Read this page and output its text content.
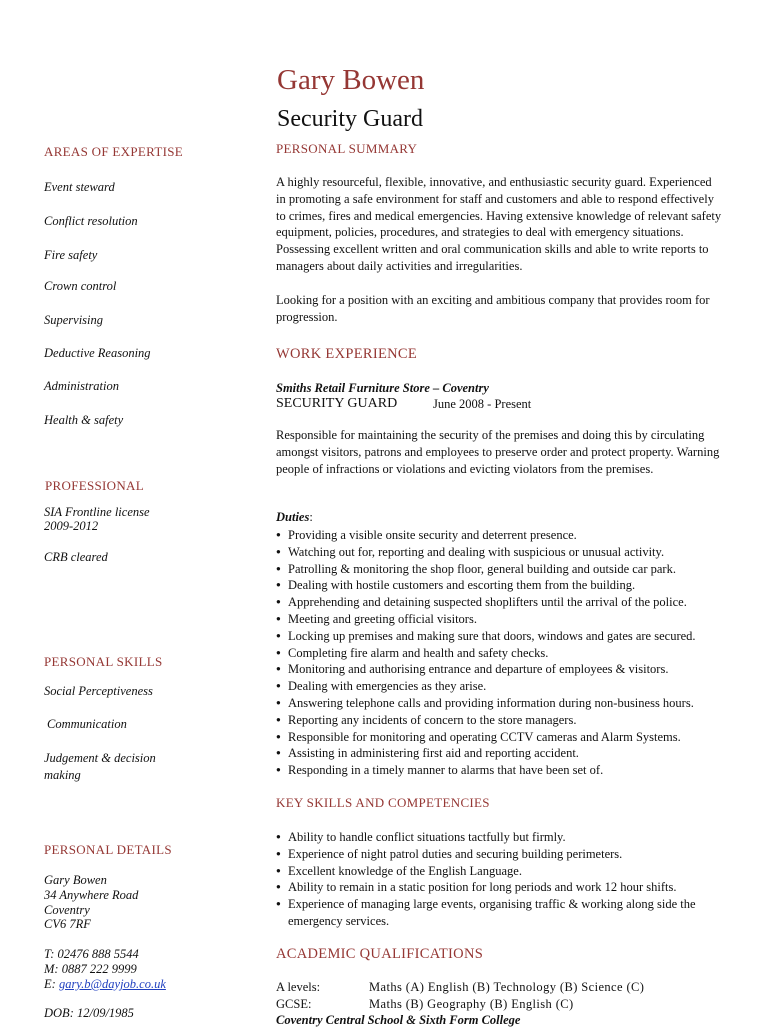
Gary Bowen
Security Guard
AREAS OF EXPERTISE
Event steward
Conflict resolution
Fire safety
Crown control
Supervising
Deductive Reasoning
Administration
Health & safety
PROFESSIONAL
SIA Frontline license
2009-2012
CRB cleared
PERSONAL SKILLS
Social Perceptiveness
Communication
Judgement & decision
making
PERSONAL DETAILS
Gary Bowen
34 Anywhere Road
Coventry
CV6 7RF
T: 02476 888 5544
M: 0887 222 9999
E: gary.b@dayjob.co.uk
DOB: 12/09/1985
PERSONAL SUMMARY
A highly resourceful, flexible, innovative, and enthusiastic security guard. Experienced in promoting a safe environment for staff and customers and able to respond effectively to crimes, fires and medical emergencies. Having extensive knowledge of relevant safety equipment, policies, procedures, and strategies to deal with emergency situations. Possessing excellent written and oral communication skills and able to write reports to managers about daily activities and irregularities.
Looking for a position with an exciting and ambitious company that provides room for progression.
WORK EXPERIENCE
Smiths Retail Furniture Store – Coventry
SECURITY GUARD	June 2008 - Present
Responsible for maintaining the security of the premises and doing this by circulating amongst visitors, patrons and employees to preserve order and protect property. Warning people of infractions or violations and evicting violators from the premises.
Duties:
● Providing a visible onsite security and deterrent presence.
● Watching out for, reporting and dealing with suspicious or unusual activity.
● Patrolling & monitoring the shop floor, general building and outside car park.
● Dealing with hostile customers and escorting them from the building.
● Apprehending and detaining suspected shoplifters until the arrival of the police.
● Meeting and greeting official visitors.
● Locking up premises and making sure that doors, windows and gates are secured.
● Completing fire alarm and health and safety checks.
● Monitoring and authorising entrance and departure of employees & visitors.
● Dealing with emergencies as they arise.
● Answering telephone calls and providing information during non-business hours.
● Reporting any incidents of concern to the store managers.
● Responsible for monitoring and operating CCTV cameras and Alarm Systems.
● Assisting in administering first aid and reporting accident.
● Responding in a timely manner to alarms that have been set of.
KEY SKILLS AND COMPETENCIES
● Ability to handle conflict situations tactfully but firmly.
● Experience of night patrol duties and securing building perimeters.
● Excellent knowledge of the English Language.
● Ability to remain in a static position for long periods and work 12 hour shifts.
● Experience of managing large events, organising traffic & working along side the emergency services.
ACADEMIC QUALIFICATIONS
A levels:	Maths (A) English (B) Technology (B) Science (C)
GCSE:	Maths (B) Geography (B) English (C)
Coventry Central School & Sixth Form College
